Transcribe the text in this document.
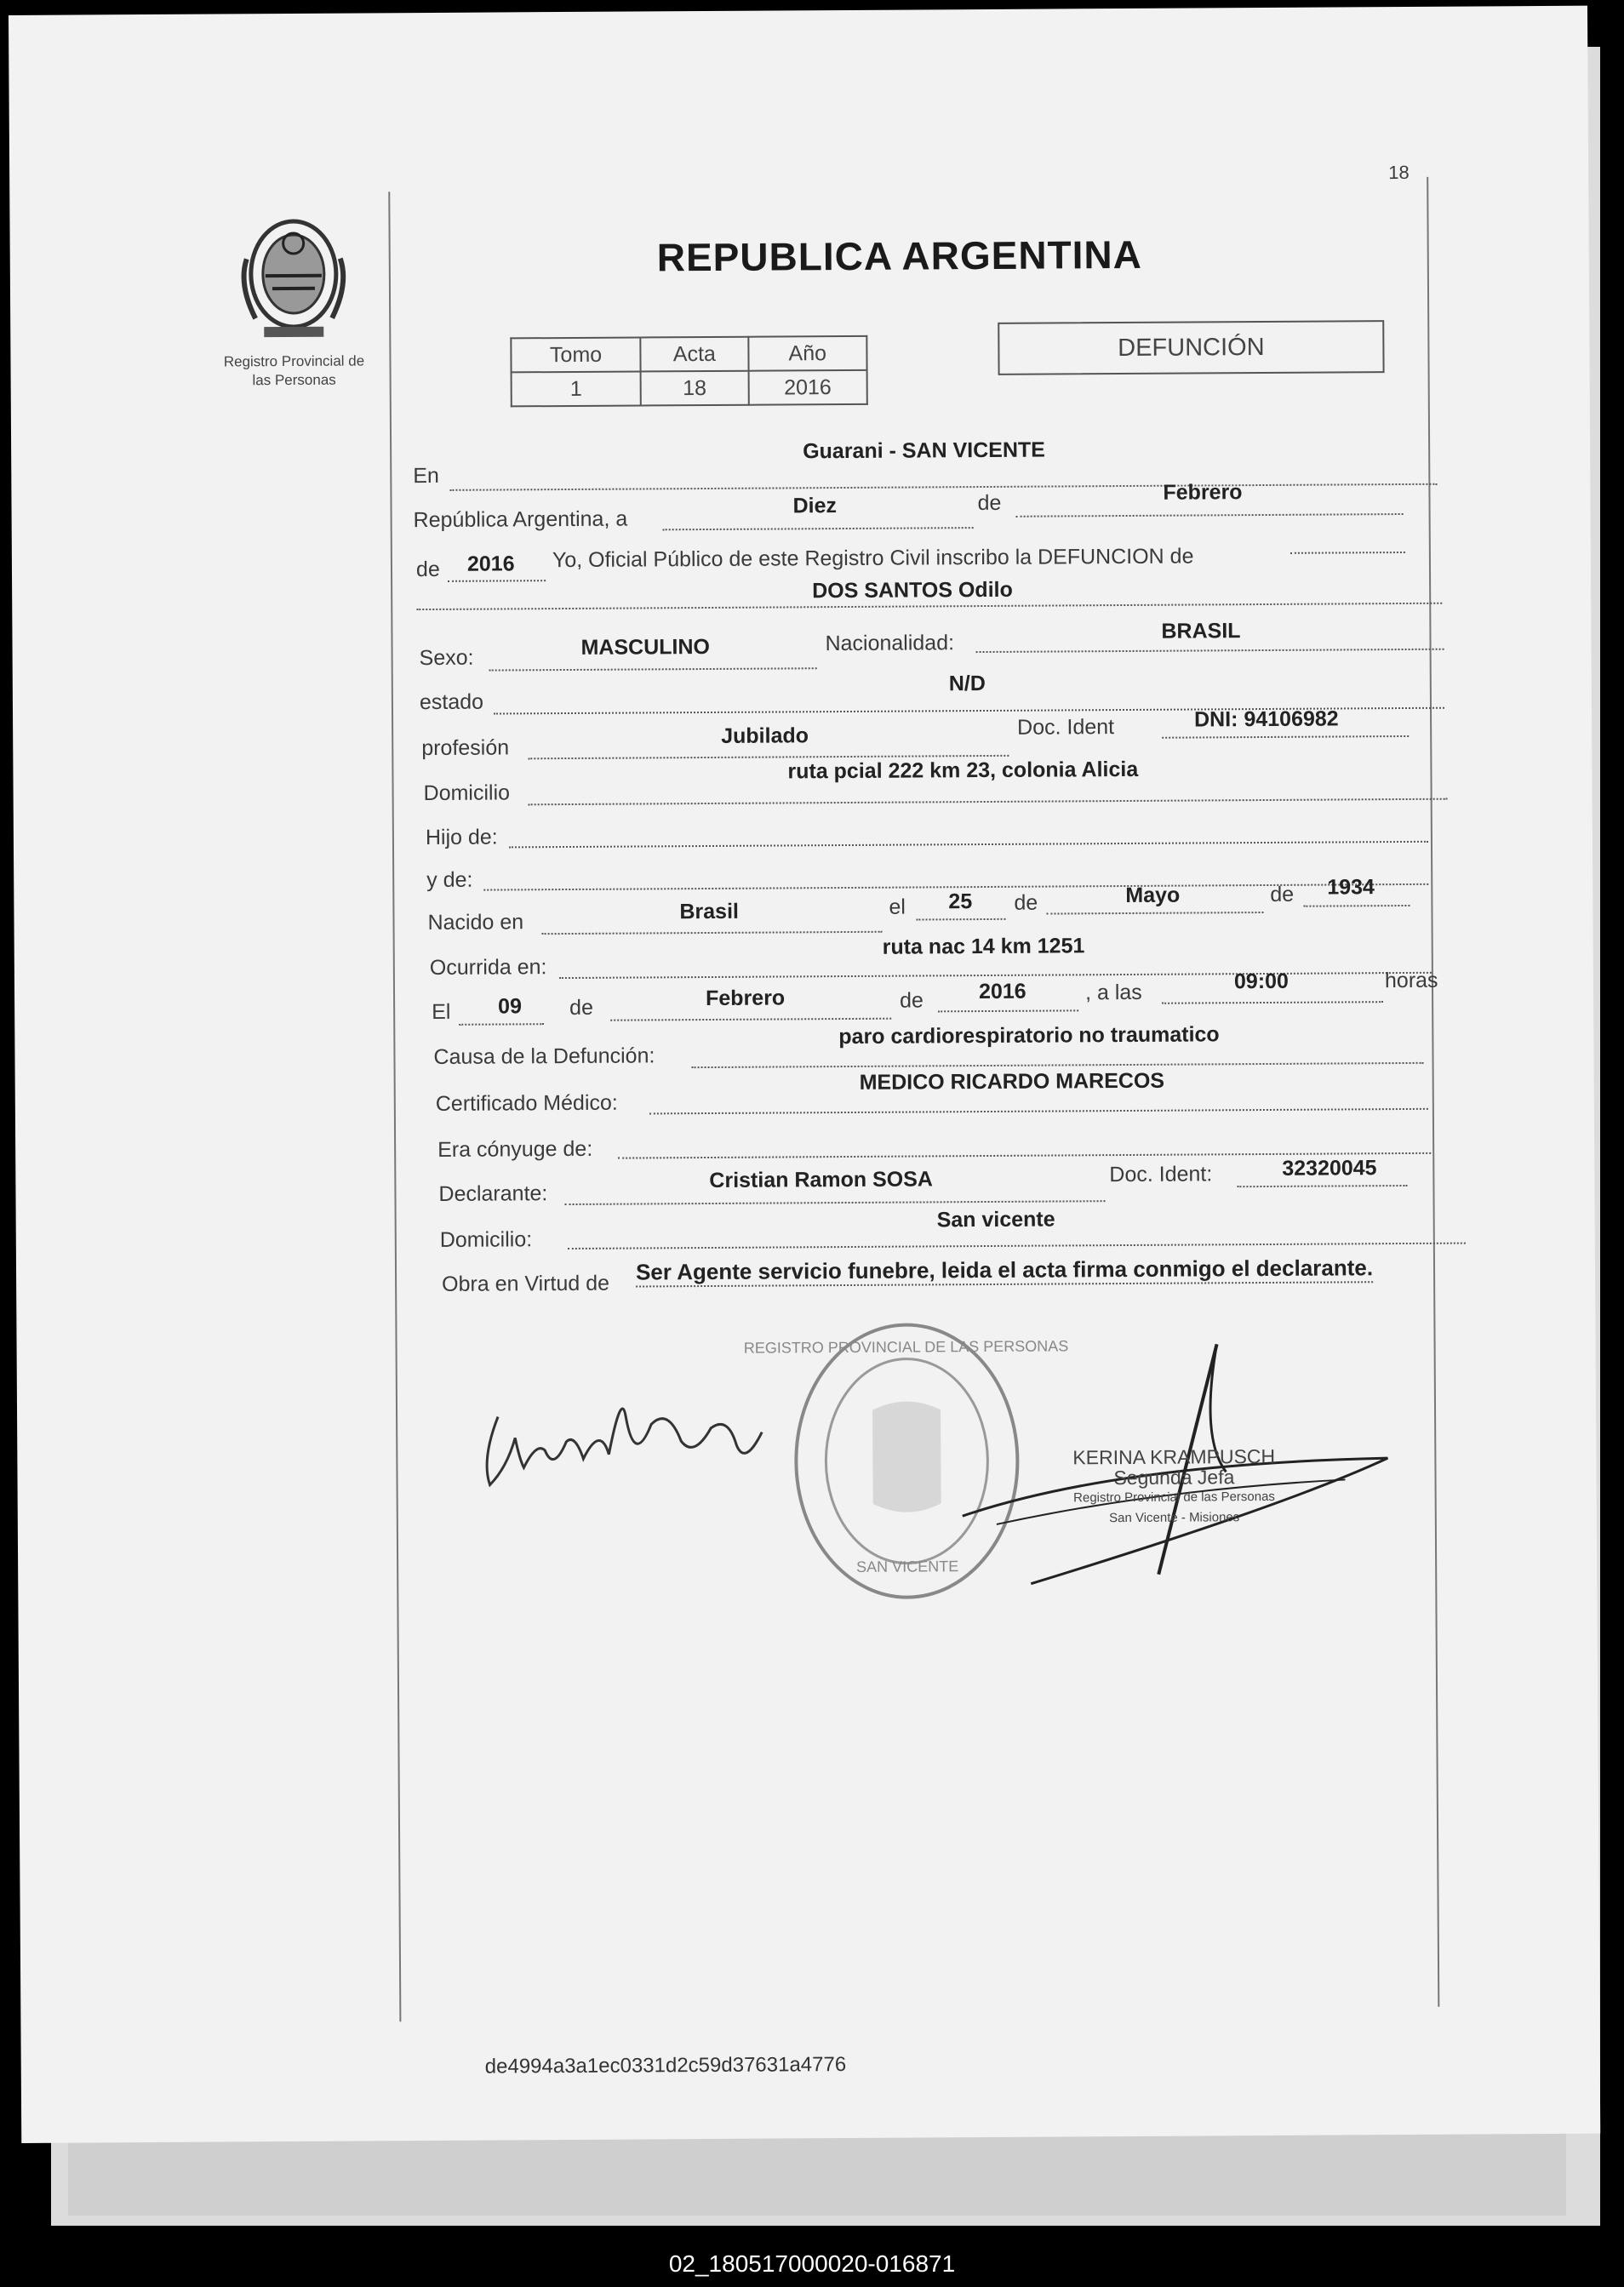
18
Registro Provincial de
las Personas
REPUBLICA ARGENTINA
Tomo	Acta	Año
1	18	2016
DEFUNCIÓN
En
Guarani - SAN VICENTE
República Argentina, a
Diez	de	Febrero
de 2016 Yo, Oficial Público de este Registro Civil inscribo la DEFUNCION de
DOS SANTOS Odilo
Sexo:	MASCULINO	Nacionalidad:	BRASIL
estado
N/D
profesión	Jubilado	Doc. Ident	DNI: 94106982
Domicilio
ruta pcial 222 km 23, colonia Alicia
Hijo de:
y de:
Nacido en	Brasil	el 25 de	Mayo	de 1934
Ocurrida en:
ruta nac 14 km 1251
El 09 de	Febrero	de	2016	, a las	09:00	horas
Causa de la Defunción:
paro cardiorespiratorio no traumatico
Certificado Médico:
MEDICO RICARDO MARECOS
Era cónyuge de:
Declarante:
Cristian Ramon SOSA	Doc. Ident:	32320045
Domicilio:
San vicente
Obra en Virtud de Ser Agente servicio funebre, leida el acta firma conmigo el declarante.
REGISTRO PROVINCIAL DE LAS PERSONAS
SAN VICENTE
KERINA KRAMPUSCH
Segunda Jefa
Registro Provincial de las Personas
San Vicente - Misiones
de4994a3a1ec0331d2c59d37631a4776
02_180517000020-016871
